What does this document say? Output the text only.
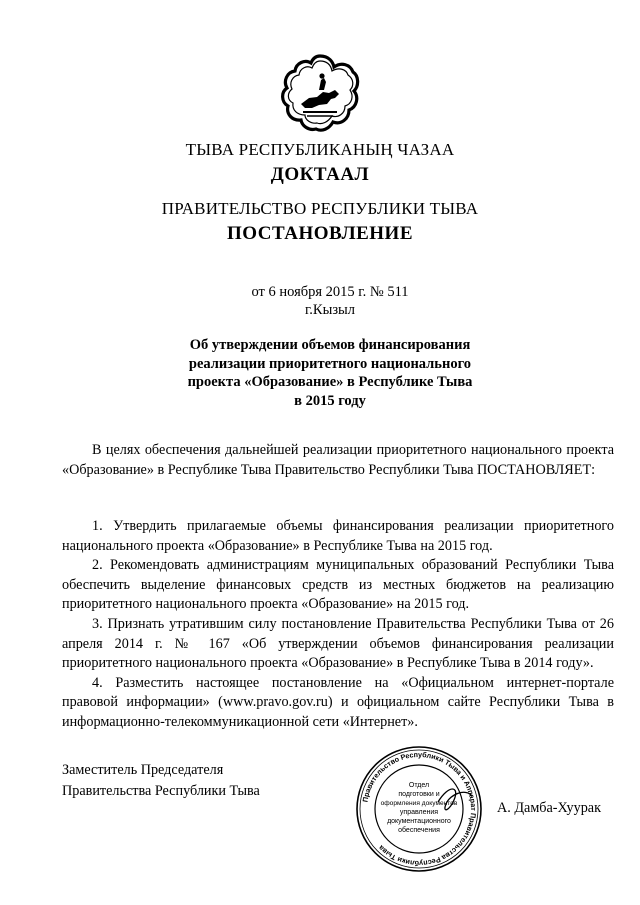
ТЫВА РЕСПУБЛИКАНЫҢ ЧАЗАА
ДОКТААЛ
ПРАВИТЕЛЬСТВО РЕСПУБЛИКИ ТЫВА
ПОСТАНОВЛЕНИЕ
от 6 ноября 2015 г. № 511
г.Кызыл
Об утверждении объемов финансирования
реализации приоритетного национального
проекта «Образование» в Республике Тыва
в 2015 году

В целях обеспечения дальнейшей реализации приоритетного национального проекта «Образование» в Республике Тыва Правительство Республики Тыва ПОСТАНОВЛЯЕТ:

1. Утвердить прилагаемые объемы финансирования реализации приоритетного национального проекта «Образование» в Республике Тыва на 2015 год.

2. Рекомендовать администрациям муниципальных образований Республики Тыва обеспечить выделение финансовых средств из местных бюджетов на реализацию приоритетного национального проекта «Образование» на 2015 год.

3. Признать утратившим силу постановление Правительства Республики Тыва от 26 апреля 2014 г. № 167 «Об утверждении объемов финансирования реализации приоритетного национального проекта «Образование» в Республике Тыва в 2014 году».

4. Разместить настоящее постановление на «Официальном интернет-портале правовой информации» (www.pravo.gov.ru) и официальном сайте Республики Тыва в информационно-телекоммуникационной сети «Интернет».

Заместитель Председателя
Правительства Республики Тыва
Правительство Республики Тыва и Аппарат Правительства Республики Тыва
Отдел
подготовки и
оформления документов
управления
документационного
обеспечения
А. Дамба-Хуурак
